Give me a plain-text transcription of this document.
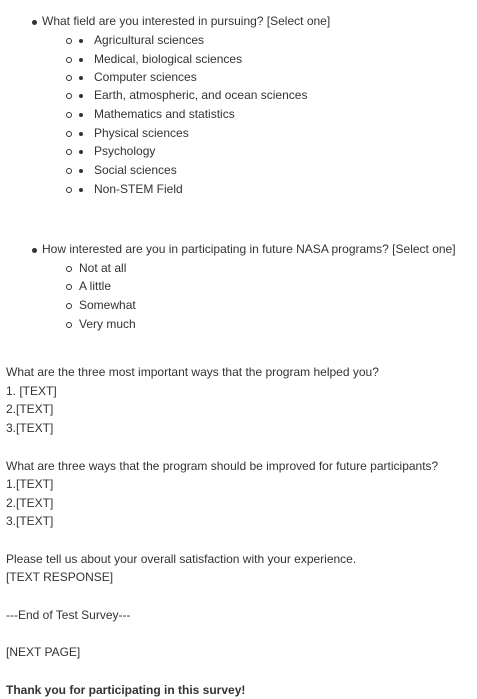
What field are you interested in pursuing? [Select one]
Agricultural sciences
Medical, biological sciences
Computer sciences
Earth, atmospheric, and ocean sciences
Mathematics and statistics
Physical sciences
Psychology
Social sciences
Non-STEM Field
How interested are you in participating in future NASA programs? [Select one]
Not at all
A little
Somewhat
Very much
What are the three most important ways that the program helped you?
1. [TEXT]
2.[TEXT]
3.[TEXT]
What are three ways that the program should be improved for future participants?
1.[TEXT]
2.[TEXT]
3.[TEXT]
Please tell us about your overall satisfaction with your experience.
[TEXT RESPONSE]
---End of Test Survey---
[NEXT PAGE]
Thank you for participating in this survey!
